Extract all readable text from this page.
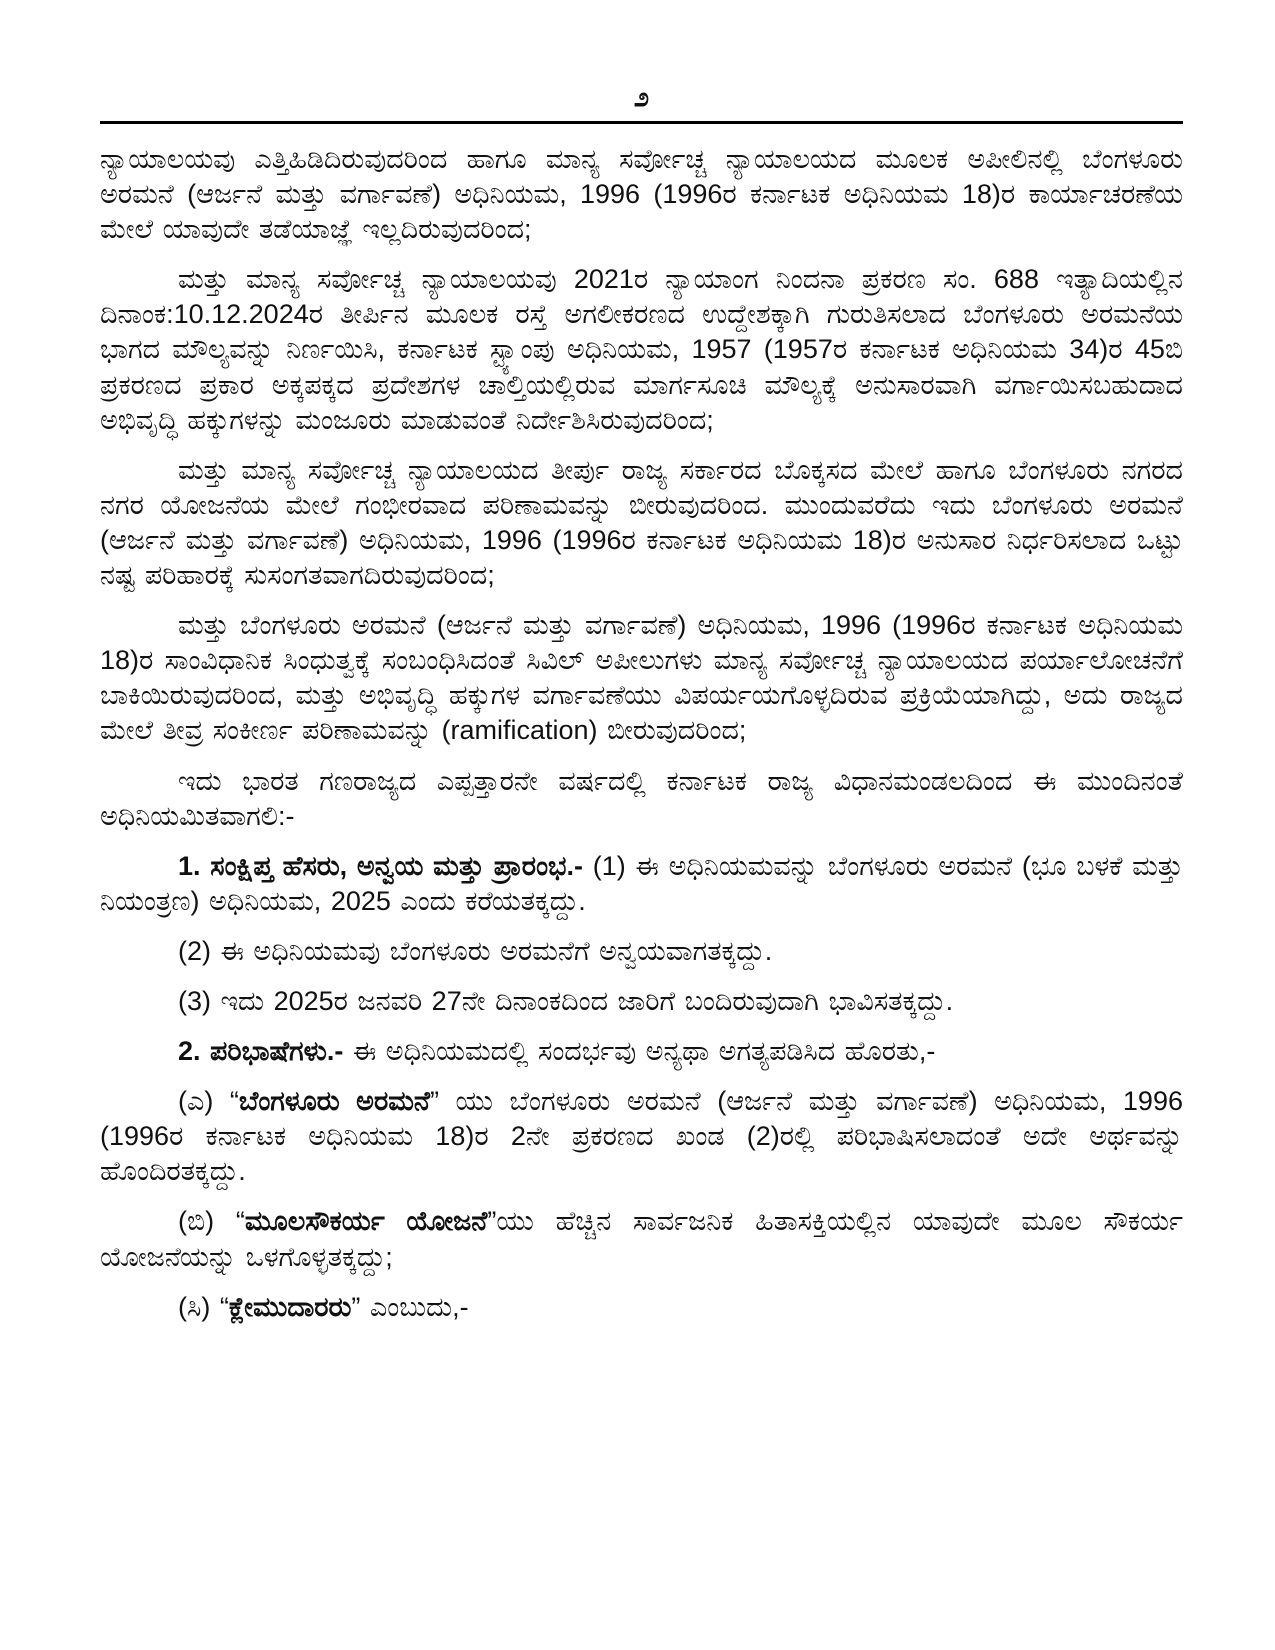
೨

ನ್ಯಾಯಾಲಯವು ಎತ್ತಿಹಿಡಿದಿರುವುದರಿಂದ ಹಾಗೂ ಮಾನ್ಯ ಸರ್ವೋಚ್ಚ ನ್ಯಾಯಾಲಯದ ಮೂಲಕ ಅಪೀಲಿನಲ್ಲಿ ಬೆಂಗಳೂರು ಅರಮನೆ (ಆರ್ಜನೆ ಮತ್ತು ವರ್ಗಾವಣೆ) ಅಧಿನಿಯಮ, 1996 (1996ರ ಕರ್ನಾಟಕ ಅಧಿನಿಯಮ 18)ರ ಕಾರ್ಯಾಚರಣೆಯ ಮೇಲೆ ಯಾವುದೇ ತಡೆಯಾಜ್ಞೆ ಇಲ್ಲದಿರುವುದರಿಂದ;

ಮತ್ತು ಮಾನ್ಯ ಸರ್ವೋಚ್ಚ ನ್ಯಾಯಾಲಯವು 2021ರ ನ್ಯಾಯಾಂಗ ನಿಂದನಾ ಪ್ರಕರಣ ಸಂ. 688 ಇತ್ಯಾದಿಯಲ್ಲಿನ ದಿನಾಂಕ:10.12.2024ರ ತೀರ್ಪಿನ ಮೂಲಕ ರಸ್ತೆ ಅಗಲೀಕರಣದ ಉದ್ದೇಶಕ್ಕಾಗಿ ಗುರುತಿಸಲಾದ ಬೆಂಗಳೂರು ಅರಮನೆಯ ಭಾಗದ ಮೌಲ್ಯವನ್ನು ನಿರ್ಣಯಿಸಿ, ಕರ್ನಾಟಕ ಸ್ಟ್ಯಾಂಪು ಅಧಿನಿಯಮ, 1957 (1957ರ ಕರ್ನಾಟಕ ಅಧಿನಿಯಮ 34)ರ 45ಬಿ ಪ್ರಕರಣದ ಪ್ರಕಾರ ಅಕ್ಕಪಕ್ಕದ ಪ್ರದೇಶಗಳ ಚಾಲ್ತಿಯಲ್ಲಿರುವ ಮಾರ್ಗಸೂಚಿ ಮೌಲ್ಯಕ್ಕೆ ಅನುಸಾರವಾಗಿ ವರ್ಗಾಯಿಸಬಹುದಾದ ಅಭಿವೃದ್ಧಿ ಹಕ್ಕುಗಳನ್ನು ಮಂಜೂರು ಮಾಡುವಂತೆ ನಿರ್ದೇಶಿಸಿರುವುದರಿಂದ;

ಮತ್ತು ಮಾನ್ಯ ಸರ್ವೋಚ್ಚ ನ್ಯಾಯಾಲಯದ ತೀರ್ಪು ರಾಜ್ಯ ಸರ್ಕಾರದ ಬೊಕ್ಕಸದ ಮೇಲೆ ಹಾಗೂ ಬೆಂಗಳೂರು ನಗರದ ನಗರ ಯೋಜನೆಯ ಮೇಲೆ ಗಂಭೀರವಾದ ಪರಿಣಾಮವನ್ನು ಬೀರುವುದರಿಂದ. ಮುಂದುವರೆದು ಇದು ಬೆಂಗಳೂರು ಅರಮನೆ (ಆರ್ಜನೆ ಮತ್ತು ವರ್ಗಾವಣೆ) ಅಧಿನಿಯಮ, 1996 (1996ರ ಕರ್ನಾಟಕ ಅಧಿನಿಯಮ 18)ರ ಅನುಸಾರ ನಿರ್ಧರಿಸಲಾದ ಒಟ್ಟು ನಷ್ಟ ಪರಿಹಾರಕ್ಕೆ ಸುಸಂಗತವಾಗದಿರುವುದರಿಂದ;

ಮತ್ತು ಬೆಂಗಳೂರು ಅರಮನೆ (ಆರ್ಜನೆ ಮತ್ತು ವರ್ಗಾವಣೆ) ಅಧಿನಿಯಮ, 1996 (1996ರ ಕರ್ನಾಟಕ ಅಧಿನಿಯಮ 18)ರ ಸಾಂವಿಧಾನಿಕ ಸಿಂಧುತ್ವಕ್ಕೆ ಸಂಬಂಧಿಸಿದಂತೆ ಸಿವಿಲ್ ಅಪೀಲುಗಳು ಮಾನ್ಯ ಸರ್ವೋಚ್ಚ ನ್ಯಾಯಾಲಯದ ಪರ್ಯಾಲೋಚನೆಗೆ ಬಾಕಿಯಿರುವುದರಿಂದ, ಮತ್ತು ಅಭಿವೃದ್ಧಿ ಹಕ್ಕುಗಳ ವರ್ಗಾವಣೆಯು ವಿಪರ್ಯಯಗೊಳ್ಳದಿರುವ ಪ್ರಕ್ರಿಯೆಯಾಗಿದ್ದು, ಅದು ರಾಜ್ಯದ ಮೇಲೆ ತೀವ್ರ ಸಂಕೀರ್ಣ ಪರಿಣಾಮವನ್ನು (ramification) ಬೀರುವುದರಿಂದ;

ಇದು ಭಾರತ ಗಣರಾಜ್ಯದ ಎಪ್ಪತ್ತಾರನೇ ವರ್ಷದಲ್ಲಿ ಕರ್ನಾಟಕ ರಾಜ್ಯ ವಿಧಾನಮಂಡಲದಿಂದ ಈ ಮುಂದಿನಂತೆ ಅಧಿನಿಯಮಿತವಾಗಲಿ:-

1. ಸಂಕ್ಷಿಪ್ತ ಹೆಸರು, ಅನ್ವಯ ಮತ್ತು ಪ್ರಾರಂಭ.- (1) ಈ ಅಧಿನಿಯಮವನ್ನು ಬೆಂಗಳೂರು ಅರಮನೆ (ಭೂ ಬಳಕೆ ಮತ್ತು ನಿಯಂತ್ರಣ) ಅಧಿನಿಯಮ, 2025 ಎಂದು ಕರೆಯತಕ್ಕದ್ದು.

(2) ಈ ಅಧಿನಿಯಮವು ಬೆಂಗಳೂರು ಅರಮನೆಗೆ ಅನ್ವಯವಾಗತಕ್ಕದ್ದು.

(3) ಇದು 2025ರ ಜನವರಿ 27ನೇ ದಿನಾಂಕದಿಂದ ಜಾರಿಗೆ ಬಂದಿರುವುದಾಗಿ ಭಾವಿಸತಕ್ಕದ್ದು.

2. ಪರಿಭಾಷೆಗಳು.- ಈ ಅಧಿನಿಯಮದಲ್ಲಿ ಸಂದರ್ಭವು ಅನ್ಯಥಾ ಅಗತ್ಯಪಡಿಸಿದ ಹೊರತು,-

(ಎ) “ಬೆಂಗಳೂರು ಅರಮನೆ” ಯು ಬೆಂಗಳೂರು ಅರಮನೆ (ಆರ್ಜನೆ ಮತ್ತು ವರ್ಗಾವಣೆ) ಅಧಿನಿಯಮ, 1996 (1996ರ ಕರ್ನಾಟಕ ಅಧಿನಿಯಮ 18)ರ 2ನೇ ಪ್ರಕರಣದ ಖಂಡ (2)ರಲ್ಲಿ ಪರಿಭಾಷಿಸಲಾದಂತೆ ಅದೇ ಅರ್ಥವನ್ನು ಹೊಂದಿರತಕ್ಕದ್ದು.

(ಬಿ) “ಮೂಲಸೌಕರ್ಯ ಯೋಜನೆ”ಯು ಹೆಚ್ಚಿನ ಸಾರ್ವಜನಿಕ ಹಿತಾಸಕ್ತಿಯಲ್ಲಿನ ಯಾವುದೇ ಮೂಲ ಸೌಕರ್ಯ ಯೋಜನೆಯನ್ನು ಒಳಗೊಳ್ಳತಕ್ಕದ್ದು;

(ಸಿ) “ಕ್ಲೇಮುದಾರರು” ಎಂಬುದು,-
